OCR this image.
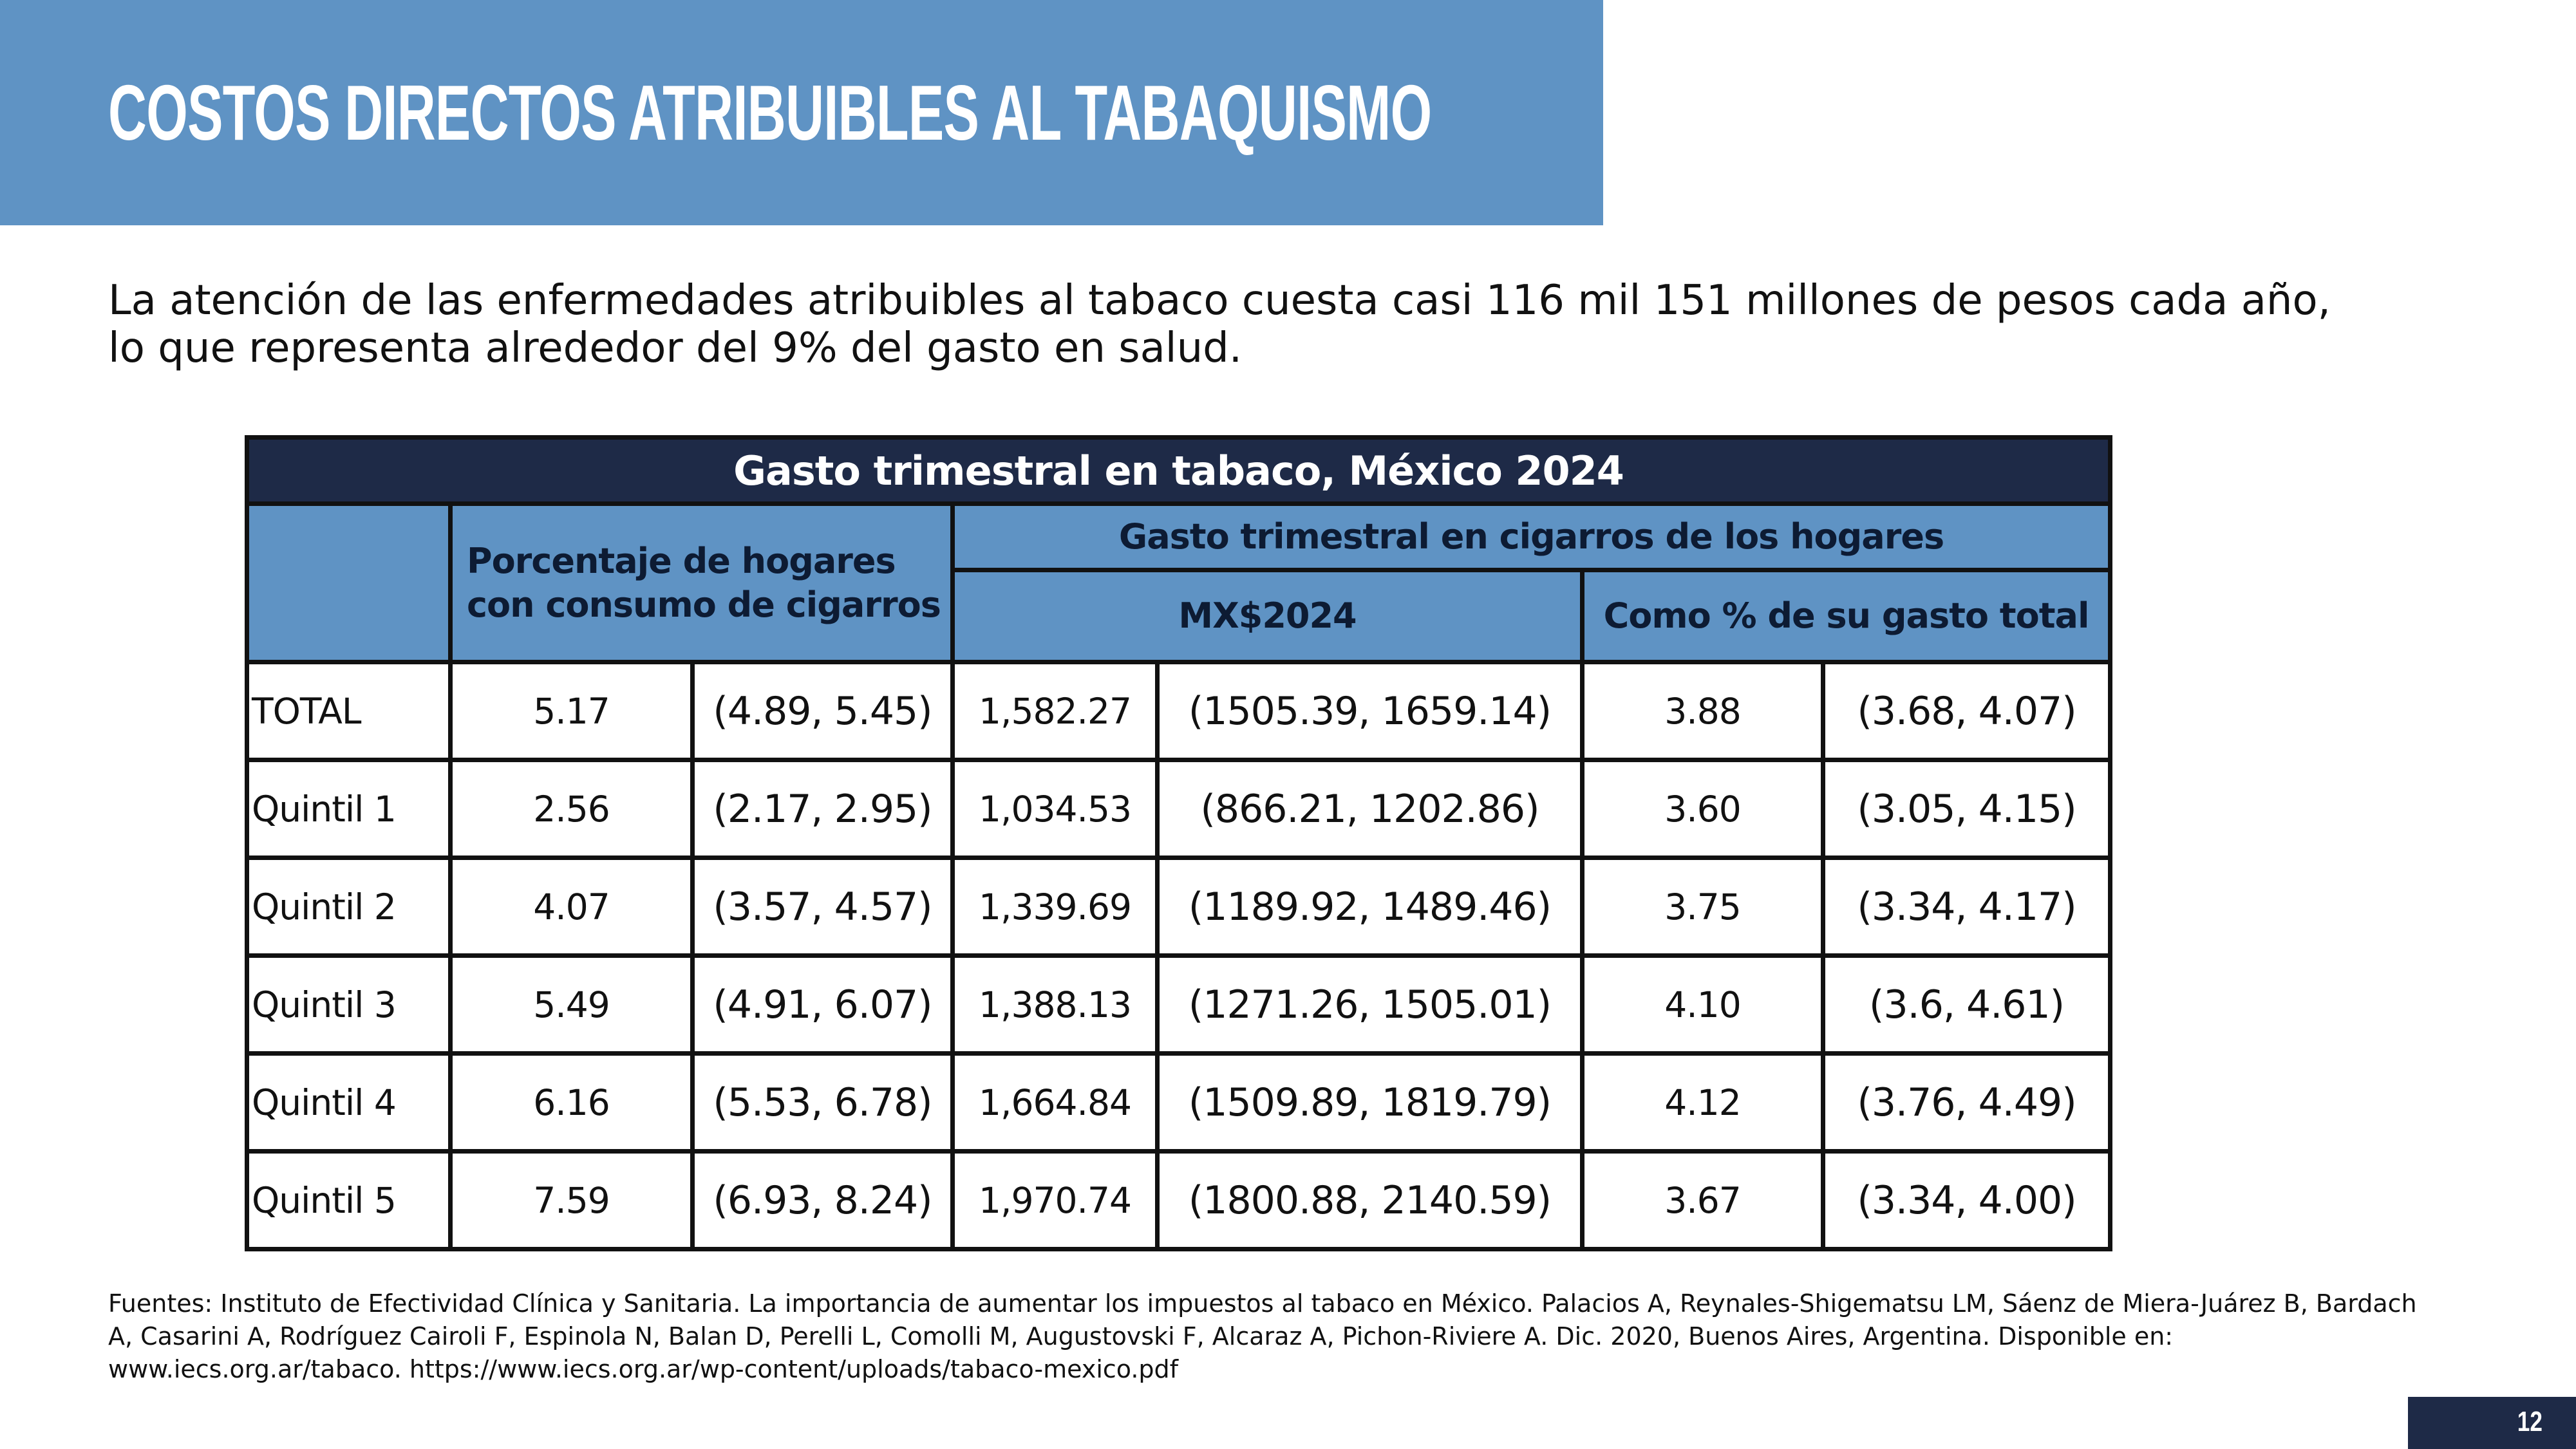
COSTOS DIRECTOS ATRIBUIBLES AL TABAQUISMO
La atención de las enfermedades atribuibles al tabaco cuesta casi 116 mil 151 millones de pesos cada año,
lo que representa alrededor del 9% del gasto en salud.
Gasto trimestral en tabaco, México 2024						

	Porcentaje de hogares
con consumo de cigarros		Gasto trimestral en cigarros de los hogares			
			MX$2024		Como % de su gasto total	
TOTAL	5.17	(4.89, 5.45)	1,582.27	(1505.39, 1659.14)	3.88	(3.68, 4.07)
Quintil 1	2.56	(2.17, 2.95)	1,034.53	(866.21, 1202.86)	3.60	(3.05, 4.15)
Quintil 2	4.07	(3.57, 4.57)	1,339.69	(1189.92, 1489.46)	3.75	(3.34, 4.17)
Quintil 3	5.49	(4.91, 6.07)	1,388.13	(1271.26, 1505.01)	4.10	(3.6, 4.61)
Quintil 4	6.16	(5.53, 6.78)	1,664.84	(1509.89, 1819.79)	4.12	(3.76, 4.49)
Quintil 5	7.59	(6.93, 8.24)	1,970.74	(1800.88, 2140.59)	3.67	(3.34, 4.00)
Fuentes: Instituto de Efectividad Clínica y Sanitaria. La importancia de aumentar los impuestos al tabaco en México. Palacios A, Reynales-Shigematsu LM, Sáenz de Miera-Juárez B, Bardach
A, Casarini A, Rodríguez Cairoli F, Espinola N, Balan D, Perelli L, Comolli M, Augustovski F, Alcaraz A, Pichon-Riviere A. Dic. 2020, Buenos Aires, Argentina. Disponible en:
www.iecs.org.ar/tabaco. https://www.iecs.org.ar/wp-content/uploads/tabaco-mexico.pdf
12
